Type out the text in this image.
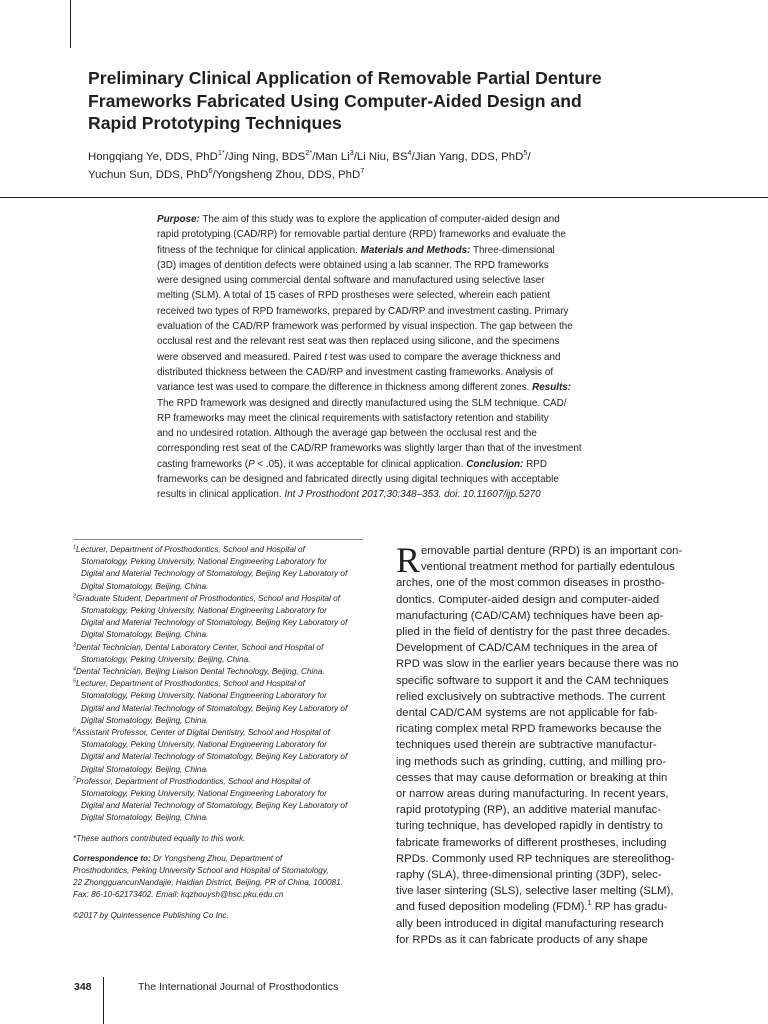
Preliminary Clinical Application of Removable Partial Denture
Frameworks Fabricated Using Computer-Aided Design and
Rapid Prototyping Techniques
Hongqiang Ye, DDS, PhD$^{1*}$/Jing Ning, $BDS^{2*}$/Man Li$^3$/Li Niu, $BS^4$/Jian Yang, DDS, PhD$^5$/
Yuchun Sun, DDS, PhD$^6$/Yongsheng Zhou, DDS, PhD$^7$
Purpose: The aim of this study was to explore the application of computer-aided design and
rapid prototyping (CAD/RP) for removable partial denture (RPD) frameworks and evaluate the
fitness of the technique for clinical application. Materials and Methods: Three-dimensional
(3D) images of dentition defects were obtained using a lab scanner. The RPD frameworks
were designed using commercial dental software and manufactured using selective laser
melting (SLM). A total of 15 cases of RPD prostheses were selected, wherein each patient
received two types of RPD frameworks, prepared by CAD/RP and investment casting. Primary
evaluation of the CAD/RP framework was performed by visual inspection. The gap between the
occlusal rest and the relevant rest seat was then replaced using silicone, and the specimens
were observed and measured. Paired t test was used to compare the average thickness and
distributed thickness between the CAD/RP and investment casting frameworks. Analysis of
variance test was used to compare the difference in thickness among different zones. Results:
The RPD framework was designed and directly manufactured using the SLM technique. CAD/
RP frameworks may meet the clinical requirements with satisfactory retention and stability
and no undesired rotation. Although the average gap between the occlusal rest and the
corresponding rest seat of the CAD/RP frameworks was slightly larger than that of the investment
casting frameworks (P < .05), it was acceptable for clinical application. Conclusion: RPD
frameworks can be designed and fabricated directly using digital techniques with acceptable
results in clinical application. Int J Prosthodont 2017;30:348–353. doi: 10.11607/ijp.5270
$^1$Lecturer, Department of Prosthodontics, School and Hospital of
Stomatology, Peking University, National Engineering Laboratory for
Digital and Material Technology of Stomatology, Beijing Key Laboratory of
Digital Stomatology, Beijing, China.
$^2$Graduate Student, Department of Prosthodontics, School and Hospital of
Stomatology, Peking University, National Engineering Laboratory for
Digital and Material Technology of Stomatology, Beijing Key Laboratory of
Digital Stomatology, Beijing, China.
$^3$Dental Technician, Dental Laboratory Center, School and Hospital of
Stomatology, Peking University, Beijing, China.
$^4$Dental Technician, Beijing Liaison Dental Technology, Beijing, China.
$^5$Lecturer, Department of Prosthodontics, School and Hospital of
Stomatology, Peking University, National Engineering Laboratory for
Digital and Material Technology of Stomatology, Beijing Key Laboratory of
Digital Stomatology, Beijing, China.
$^6$Assistant Professor, Center of Digital Dentistry, School and Hospital of
Stomatology, Peking University, National Engineering Laboratory for
Digital and Material Technology of Stomatology, Beijing Key Laboratory of
Digital Stomatology, Beijing, China.
$^7$Professor, Department of Prosthodontics, School and Hospital of
Stomatology, Peking University, National Engineering Laboratory for
Digital and Material Technology of Stomatology, Beijing Key Laboratory of
Digital Stomatology, Beijing, China.
*These authors contributed equally to this work.
Correspondence to: Dr Yongsheng Zhou, Department of
Prosthodontics, Peking University School and Hospital of Stomatology,
22 ZhongguancunNandajie, Haidian District, Beijing, PR of China, 100081.
Fax: 86-10-62173402. Email: kqzhouysh@hsc.pku.edu.cn
©2017 by Quintessence Publishing Co Inc.
R emovable partial denture (RPD) is an important con-
ventional treatment method for partially edentulous
arches, one of the most common diseases in prostho-
dontics. Computer-aided design and computer-aided
manufacturing (CAD/CAM) techniques have been ap-
plied in the field of dentistry for the past three decades.
Development of CAD/CAM techniques in the area of
RPD was slow in the earlier years because there was no
specific software to support it and the CAM techniques
relied exclusively on subtractive methods. The current
dental CAD/CAM systems are not applicable for fab-
ricating complex metal RPD frameworks because the
techniques used therein are subtractive manufactur-
ing methods such as grinding, cutting, and milling pro-
cesses that may cause deformation or breaking at thin
or narrow areas during manufacturing. In recent years,
rapid prototyping (RP), an additive material manufac-
turing technique, has developed rapidly in dentistry to
fabricate frameworks of different prostheses, including
RPDs. Commonly used RP techniques are stereolithog-
raphy (SLA), three-dimensional printing (3DP), selec-
tive laser sintering (SLS), selective laser melting (SLM),
and fused deposition modeling (FDM).$^1$ RP has gradu-
ally been introduced in digital manufacturing research
for RPDs as it can fabricate products of any shape
348	The International Journal of Prosthodontics
